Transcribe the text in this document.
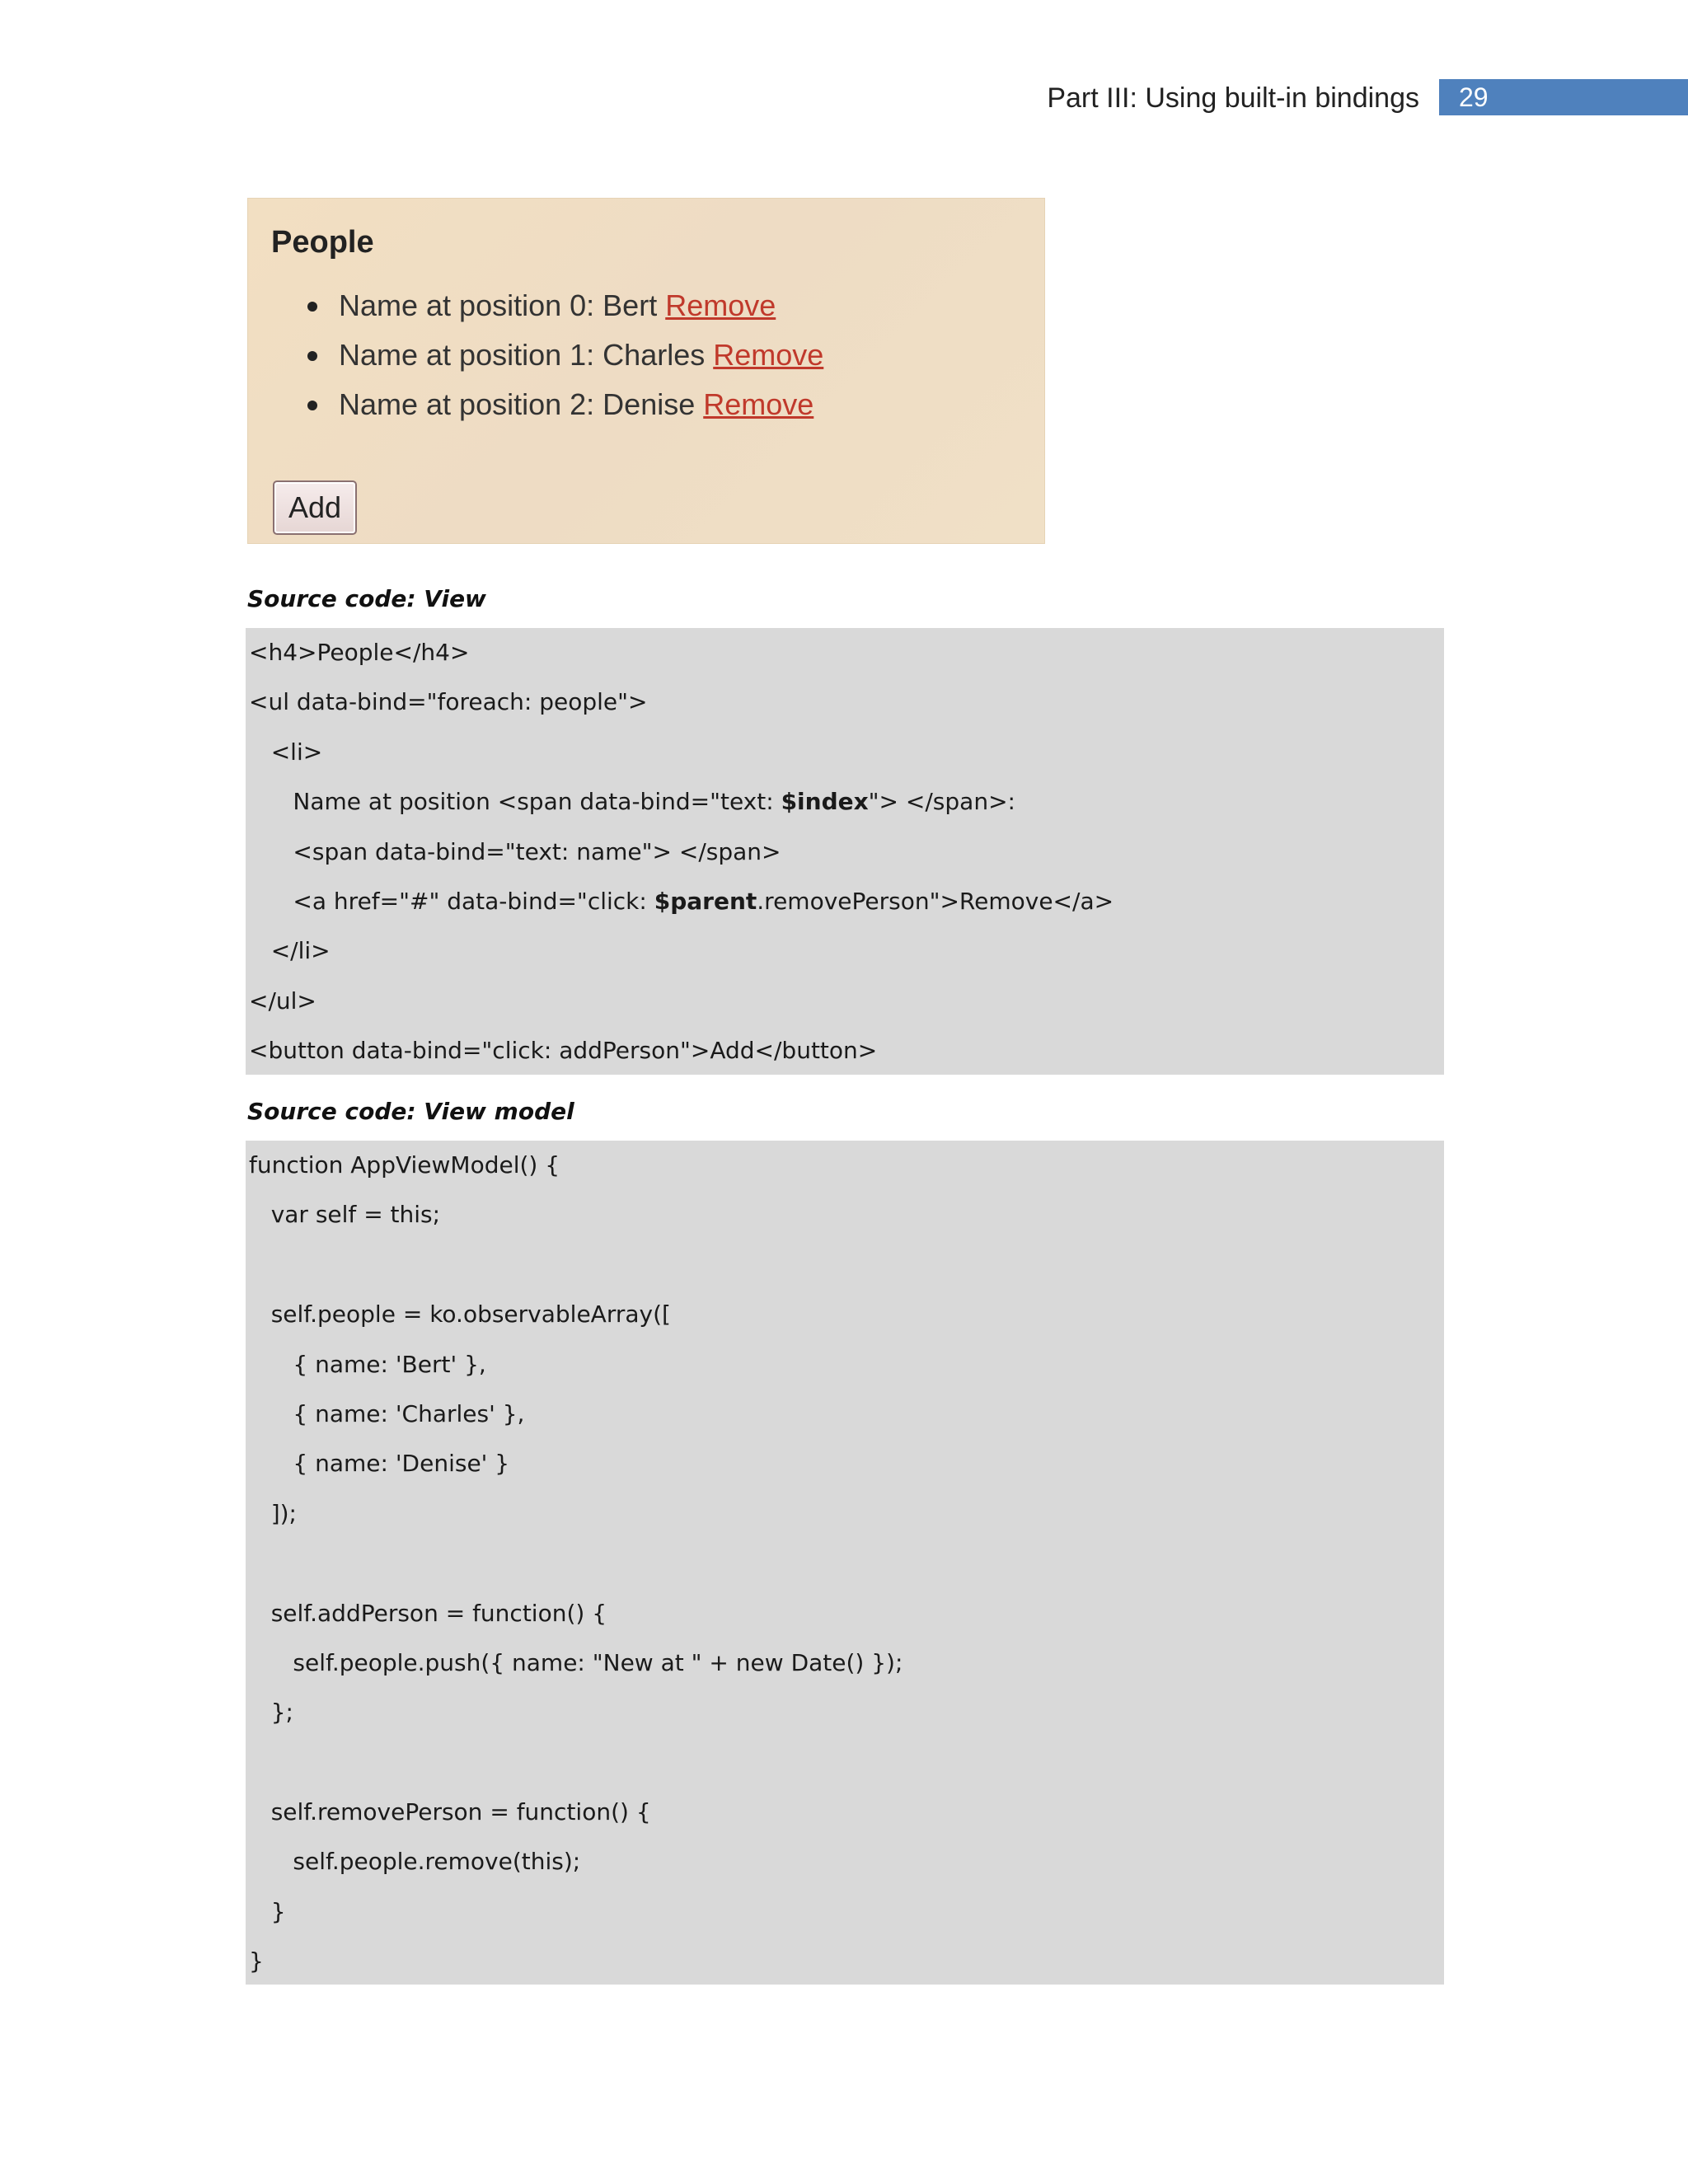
Part III: Using built-in bindings	29
People
Name at position 0: Bert Remove
Name at position 1: Charles Remove
Name at position 2: Denise Remove
Add
Source code: View
<h4>People</h4>
<ul data-bind="foreach: people">
<li>
Name at position <span data-bind="text: $index"> </span>:
<span data-bind="text: name"> </span>
<a href="#" data-bind="click: $parent.removePerson">Remove</a>
</li>
</ul>
<button data-bind="click: addPerson">Add</button>
Source code: View model
function AppViewModel() {
var self = this;

self.people = ko.observableArray([
{ name: 'Bert' },
{ name: 'Charles' },
{ name: 'Denise' }
]);

self.addPerson = function() {
self.people.push({ name: "New at " + new Date() });
};

self.removePerson = function() {
self.people.remove(this);
}
}
